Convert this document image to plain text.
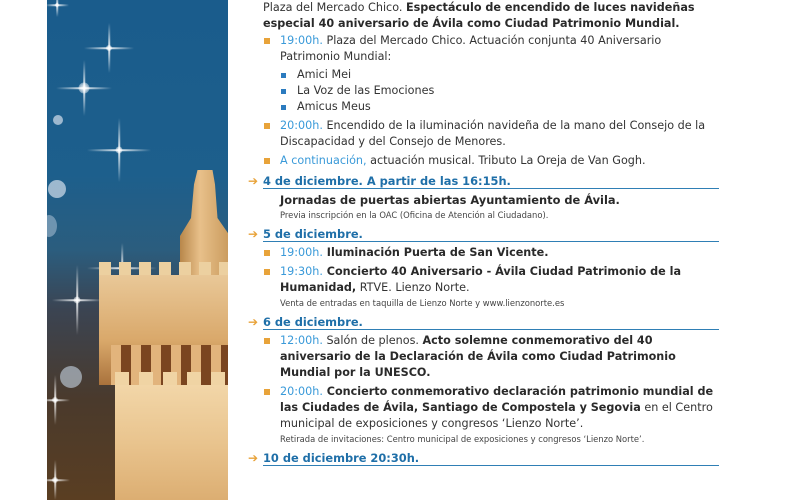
Plaza del Mercado Chico. Espectáculo de encendido de luces navideñas especial 40 aniversario de Ávila como Ciudad Patrimonio Mundial.

19:00h. Plaza del Mercado Chico. Actuación conjunta 40 Aniversario Patrimonio Mundial:
Amici Mei
La Voz de las Emociones
Amicus Meus
20:00h. Encendido de la iluminación navideña de la mano del Consejo de la Discapacidad y del Consejo de Menores.
A continuación, actuación musical. Tributo La Oreja de Van Gogh.
➔ 4 de diciembre. A partir de las 16:15h.
Jornadas de puertas abiertas Ayuntamiento de Ávila.
Previa inscripción en la OAC (Oficina de Atención al Ciudadano).
➔ 5 de diciembre.
19:00h. Iluminación Puerta de San Vicente.
19:30h. Concierto 40 Aniversario - Ávila Ciudad Patrimonio de la Humanidad, RTVE. Lienzo Norte.
Venta de entradas en taquilla de Lienzo Norte y www.lienzonorte.es
➔ 6 de diciembre.
12:00h. Salón de plenos. Acto solemne conmemorativo del 40 aniversario de la Declaración de Ávila como Ciudad Patrimonio Mundial por la UNESCO.
20:00h. Concierto conmemorativo declaración patrimonio mundial de las Ciudades de Ávila, Santiago de Compostela y Segovia en el Centro municipal de exposiciones y congresos ‘Lienzo Norte’.
Retirada de invitaciones: Centro municipal de exposiciones y congresos ‘Lienzo Norte’.
➔ 10 de diciembre 20:30h.
